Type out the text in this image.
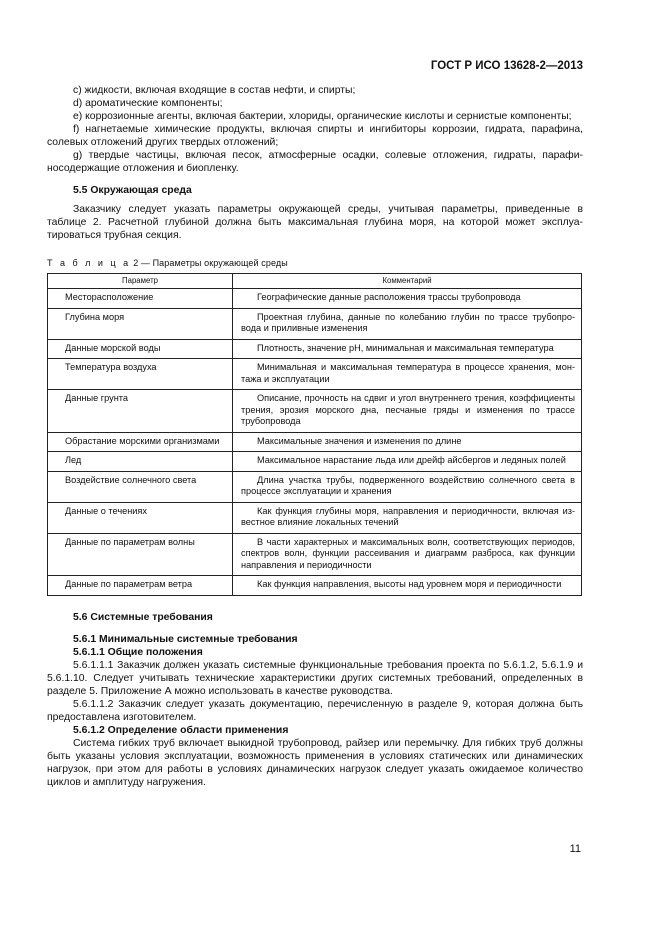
ГОСТ Р ИСО 13628-2—2013

c) жидкости, включая входящие в состав нефти, и спирты;

d) ароматические компоненты;

e) коррозионные агенты, включая бактерии, хлориды, органические кислоты и сернистые компоненты;

f) нагнетаемые химические продукты, включая спирты и ингибиторы коррозии, гидрата, парафина, солевых отложений других твердых отложений;

g) твердые частицы, включая песок, атмосферные осадки, солевые отложения, гидраты, парафиносодержащие отложения и биопленку.

5.5 Окружающая среда

Заказчику следует указать параметры окружающей среды, учитывая параметры, приведенные в таблице 2. Расчетной глубиной должна быть максимальная глубина моря, на которой может эксплуатироваться трубная секция.

Т а б л и ц а 2 — Параметры окружающей среды

Параметр	Комментарий
Месторасположение	Географические данные расположения трассы трубопровода
Глубина моря	Проектная глубина, данные по колебанию глубин по трассе трубопровода и приливные изменения
Данные морской воды	Плотность, значение pH, минимальная и максимальная температура
Температура воздуха	Минимальная и максимальная температура в процессе хранения, монтажа и эксплуатации
Данные грунта	Описание, прочность на сдвиг и угол внутреннего трения, коэффициенты трения, эрозия морского дна, песчаные гряды и изменения по трассе трубопровода
Обрастание морскими организмами	Максимальные значения и изменения по длине
Лед	Максимальное нарастание льда или дрейф айсбергов и ледяных полей
Воздействие солнечного света	Длина участка трубы, подверженного воздействию солнечного света в процессе эксплуатации и хранения
Данные о течениях	Как функция глубины моря, направления и периодичности, включая известное влияние локальных течений
Данные по параметрам волны	В части характерных и максимальных волн, соответствующих периодов, спектров волн, функции рассеивания и диаграмм разброса, как функции направления и периодичности
Данные по параметрам ветра	Как функция направления, высоты над уровнем моря и периодичности

5.6 Системные требования

5.6.1 Минимальные системные требования

5.6.1.1 Общие положения

5.6.1.1.1 Заказчик должен указать системные функциональные требования проекта по 5.6.1.2, 5.6.1.9 и 5.6.1.10. Следует учитывать технические характеристики других системных требований, определенных в разделе 5. Приложение А можно использовать в качестве руководства.

5.6.1.1.2 Заказчик следует указать документацию, перечисленную в разделе 9, которая должна быть предоставлена изготовителем.

5.6.1.2 Определение области применения

Система гибких труб включает выкидной трубопровод, райзер или перемычку. Для гибких труб должны быть указаны условия эксплуатации, возможность применения в условиях статических или динамических нагрузок, при этом для работы в условиях динамических нагрузок следует указать ожидаемое количество циклов и амплитуду нагружения.

11
